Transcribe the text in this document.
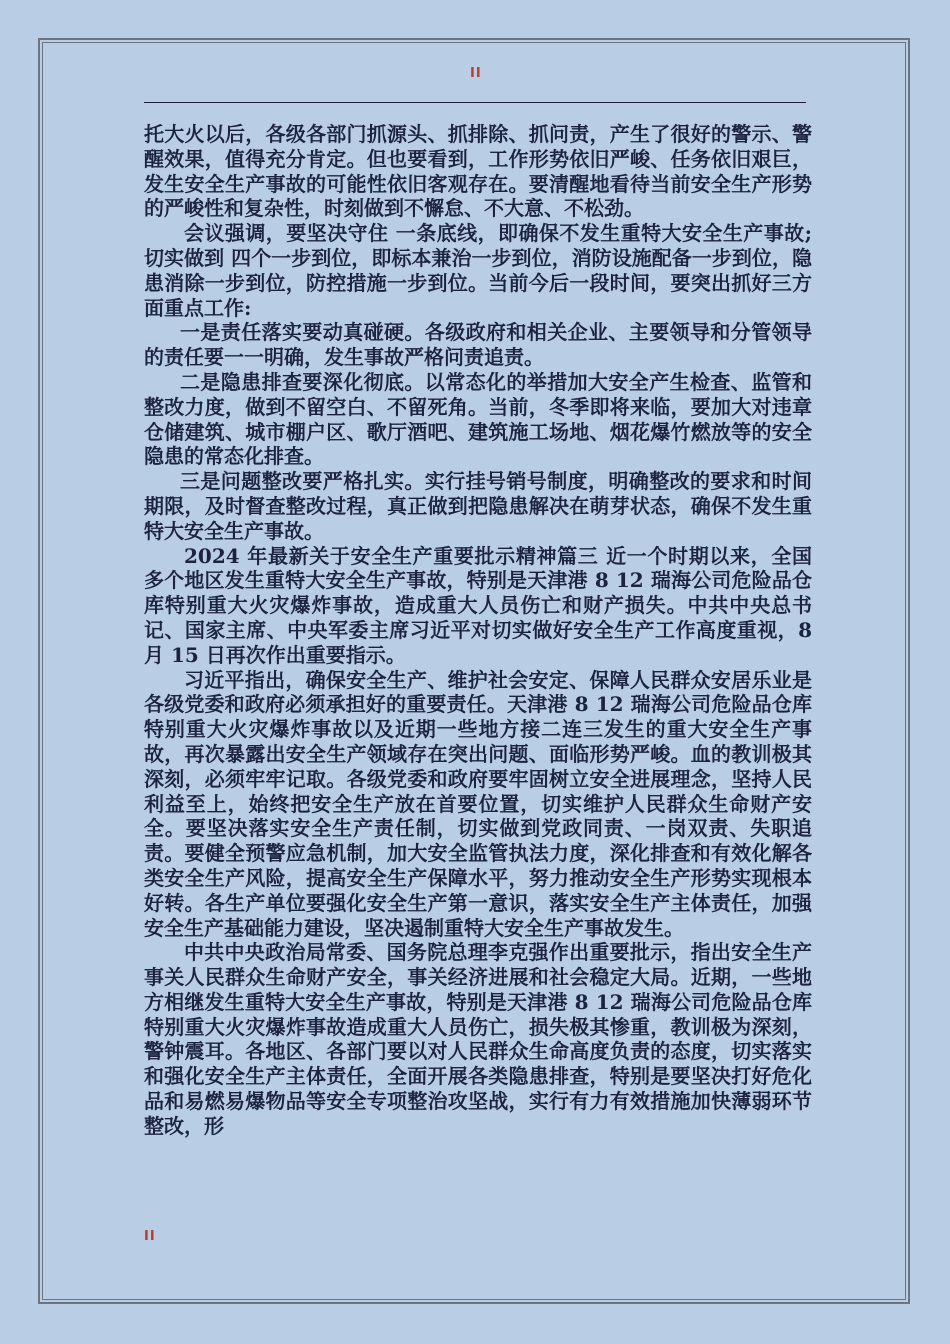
II

托大火以后，各级各部门抓源头、抓排除、抓问责，产生了很好的警示、警醒效果，值得充分肯定。但也要看到，工作形势依旧严峻、任务依旧艰巨，发生安全生产事故的可能性依旧客观存在。要清醒地看待当前安全生产形势的严峻性和复杂性，时刻做到不懈怠、不大意、不松劲。

会议强调，要坚决守住 一条底线，即确保不发生重特大安全生产事故;切实做到 四个一步到位，即标本兼治一步到位，消防设施配备一步到位，隐患消除一步到位，防控措施一步到位。当前今后一段时间，要突出抓好三方面重点工作:

一是责任落实要动真碰硬。各级政府和相关企业、主要领导和分管领导的责任要一一明确，发生事故严格问责追责。

二是隐患排查要深化彻底。以常态化的举措加大安全产生检查、监管和整改力度，做到不留空白、不留死角。当前，冬季即将来临，要加大对违章仓储建筑、城市棚户区、歌厅酒吧、建筑施工场地、烟花爆竹燃放等的安全隐患的常态化排查。

三是问题整改要严格扎实。实行挂号销号制度，明确整改的要求和时间期限，及时督查整改过程，真正做到把隐患解决在萌芽状态，确保不发生重特大安全生产事故。

2024 年最新关于安全生产重要批示精神篇三 近一个时期以来，全国多个地区发生重特大安全生产事故，特别是天津港 8 12 瑞海公司危险品仓库特别重大火灾爆炸事故，造成重大人员伤亡和财产损失。中共中央总书记、国家主席、中央军委主席习近平对切实做好安全生产工作高度重视，8 月 15 日再次作出重要指示。

习近平指出，确保安全生产、维护社会安定、保障人民群众安居乐业是各级党委和政府必须承担好的重要责任。天津港 8 12 瑞海公司危险品仓库特别重大火灾爆炸事故以及近期一些地方接二连三发生的重大安全生产事故，再次暴露出安全生产领域存在突出问题、面临形势严峻。血的教训极其深刻，必须牢牢记取。各级党委和政府要牢固树立安全进展理念，坚持人民利益至上，始终把安全生产放在首要位置，切实维护人民群众生命财产安全。要坚决落实安全生产责任制，切实做到党政同责、一岗双责、失职追责。要健全预警应急机制，加大安全监管执法力度，深化排查和有效化解各类安全生产风险，提高安全生产保障水平，努力推动安全生产形势实现根本好转。各生产单位要强化安全生产第一意识，落实安全生产主体责任，加强安全生产基础能力建设，坚决遏制重特大安全生产事故发生。

中共中央政治局常委、国务院总理李克强作出重要批示，指出安全生产事关人民群众生命财产安全，事关经济进展和社会稳定大局。近期，一些地方相继发生重特大安全生产事故，特别是天津港 8 12 瑞海公司危险品仓库特别重大火灾爆炸事故造成重大人员伤亡，损失极其惨重，教训极为深刻，警钟震耳。各地区、各部门要以对人民群众生命高度负责的态度，切实落实和强化安全生产主体责任，全面开展各类隐患排查，特别是要坚决打好危化品和易燃易爆物品等安全专项整治攻坚战，实行有力有效措施加快薄弱环节整改，形

II
